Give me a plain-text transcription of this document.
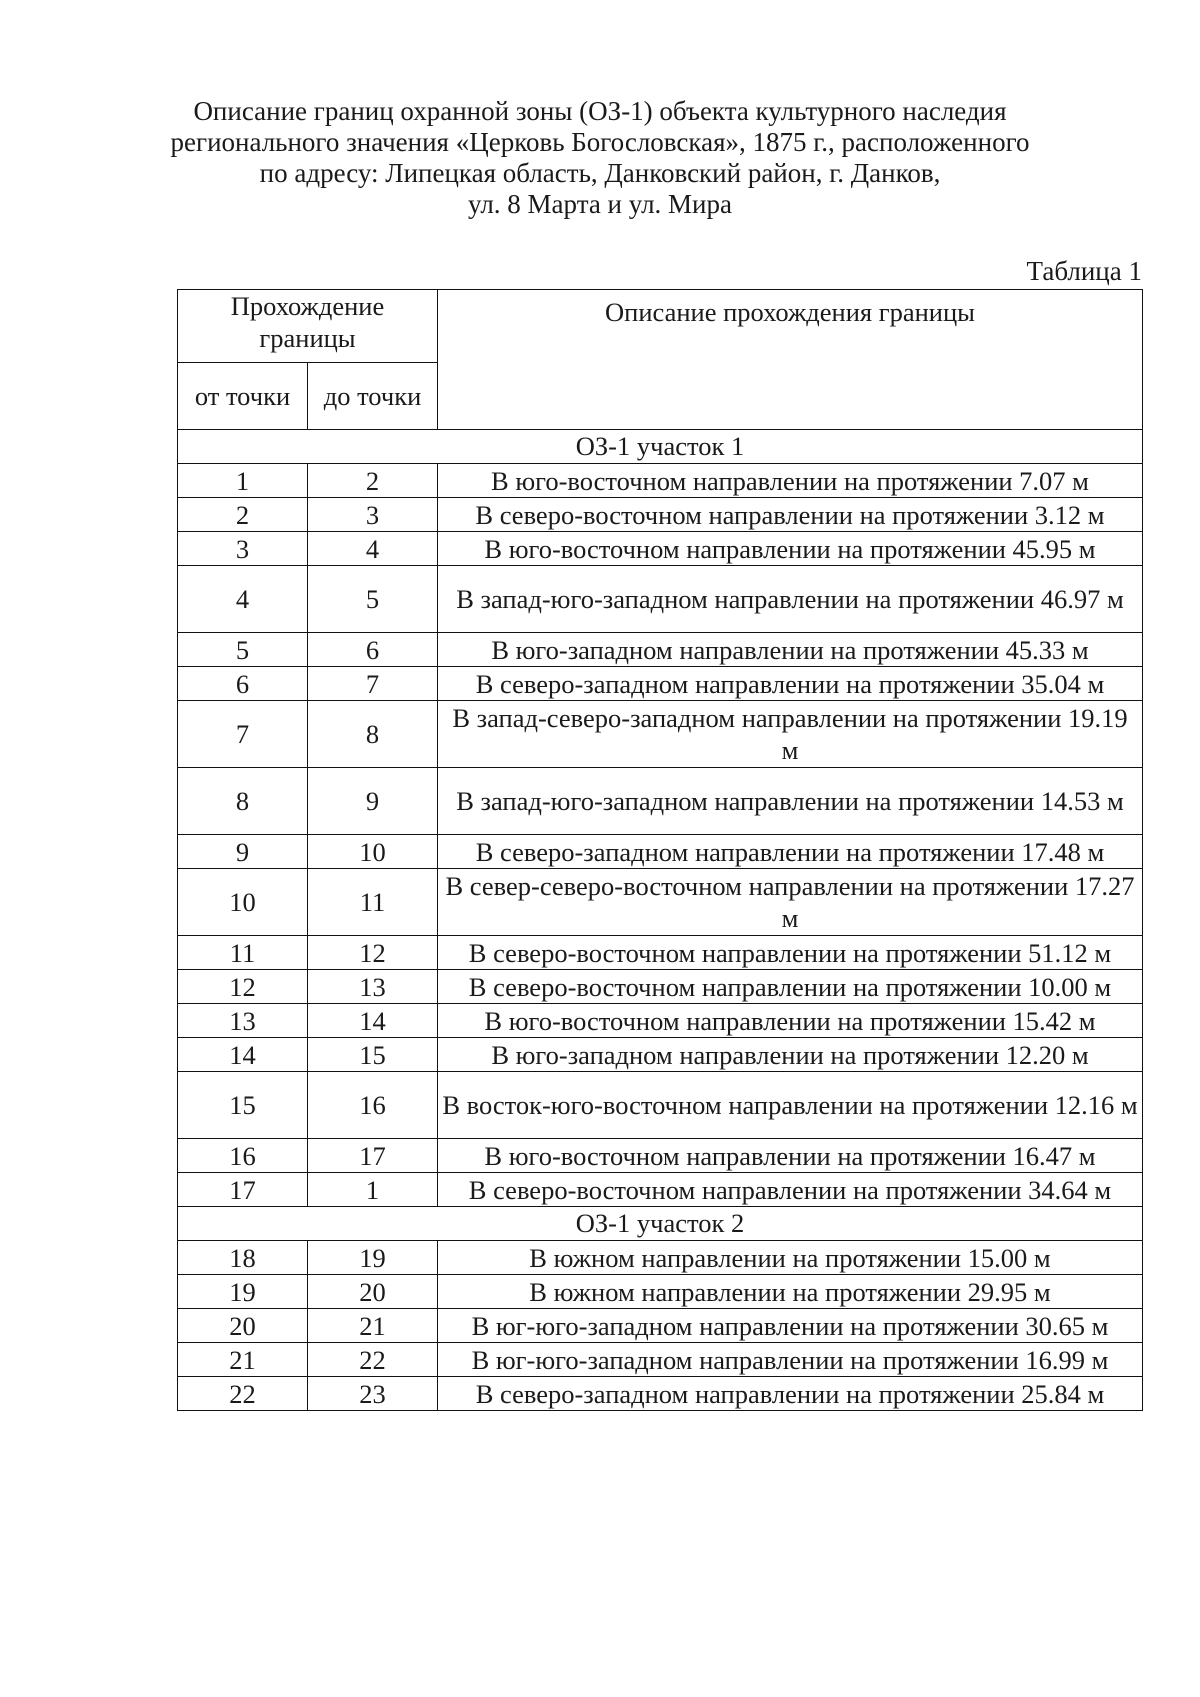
Описание границ охранной зоны (ОЗ-1) объекта культурного наследия
регионального значения «Церковь Богословская», 1875 г., расположенного
по адресу: Липецкая область, Данковский район, г. Данков,
ул. 8 Марта и ул. Мира
Таблица 1
Прохождение границы		Описание прохождения границы
от точки	до точки	
ОЗ-1 участок 1		
1	2	В юго-восточном направлении на протяжении 7.07 м
2	3	В северо-восточном направлении на протяжении 3.12 м
3	4	В юго-восточном направлении на протяжении 45.95 м
4	5	В запад-юго-западном направлении на протяжении 46.97 м
5	6	В юго-западном направлении на протяжении 45.33 м
6	7	В северо-западном направлении на протяжении 35.04 м
7	8	В запад-северо-западном направлении на протяжении 19.19 м
8	9	В запад-юго-западном направлении на протяжении 14.53 м
9	10	В северо-западном направлении на протяжении 17.48 м
10	11	В север-северо-восточном направлении на протяжении 17.27 м
11	12	В северо-восточном направлении на протяжении 51.12 м
12	13	В северо-восточном направлении на протяжении 10.00 м
13	14	В юго-восточном направлении на протяжении 15.42 м
14	15	В юго-западном направлении на протяжении 12.20 м
15	16	В восток-юго-восточном направлении на протяжении 12.16 м
16	17	В юго-восточном направлении на протяжении 16.47 м
17	1	В северо-восточном направлении на протяжении 34.64 м
ОЗ-1 участок 2		
18	19	В южном направлении на протяжении 15.00 м
19	20	В южном направлении на протяжении 29.95 м
20	21	В юг-юго-западном направлении на протяжении 30.65 м
21	22	В юг-юго-западном направлении на протяжении 16.99 м
22	23	В северо-западном направлении на протяжении 25.84 м
